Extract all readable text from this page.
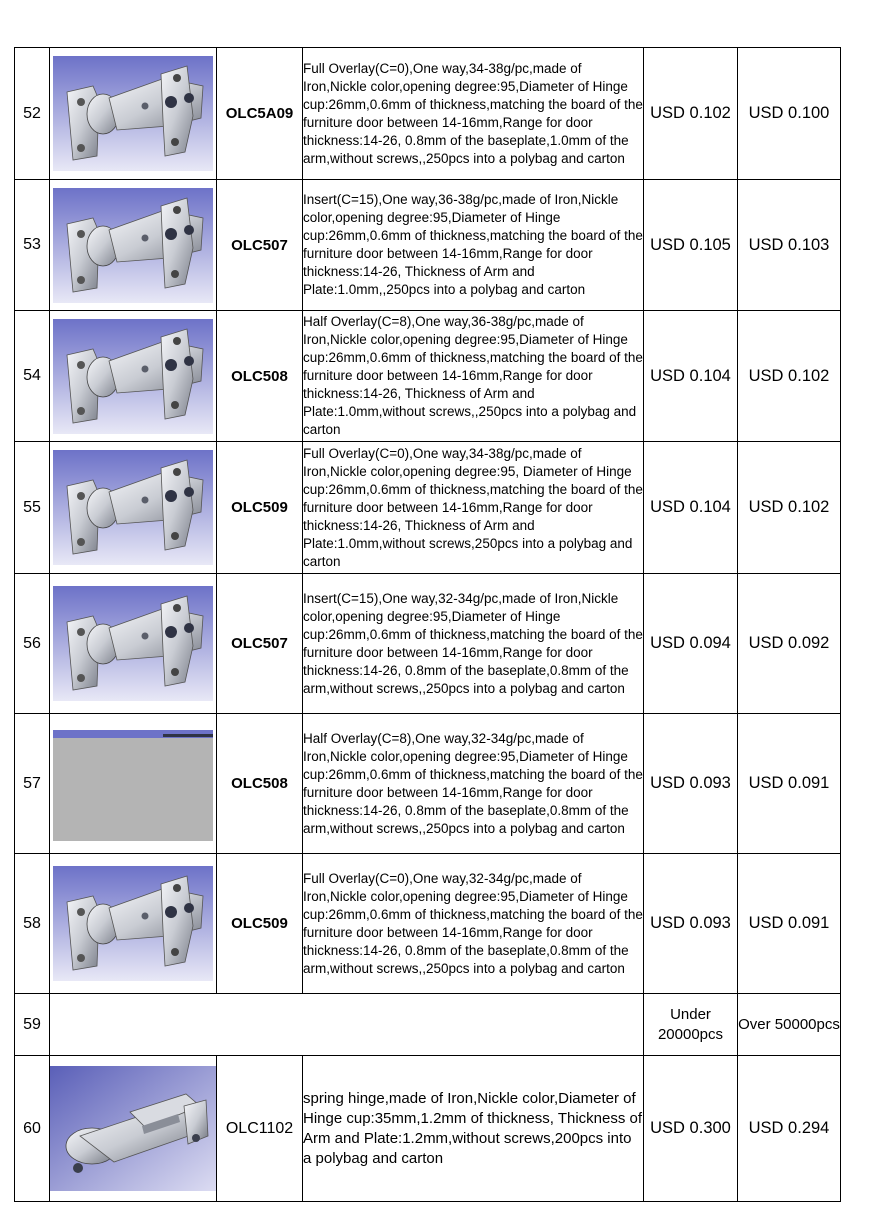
52		OLC5A09	Full Overlay(C=0),One way,34-38g/pc,made of Iron,Nickle color,opening degree:95,Diameter of Hinge cup:26mm,0.6mm of thickness,matching the board of the furniture door between 14-16mm,Range for door thickness:14-26, 0.8mm of the baseplate,1.0mm of the arm,without screws,,250pcs into a polybag and carton	USD 0.102	USD 0.100
53		OLC507	Insert(C=15),One way,36-38g/pc,made of Iron,Nickle color,opening degree:95,Diameter of Hinge cup:26mm,0.6mm of thickness,matching the board of the furniture door between 14-16mm,Range for door thickness:14-26, Thickness of Arm and Plate:1.0mm,,250pcs into a polybag and carton	USD 0.105	USD 0.103
54		OLC508	Half Overlay(C=8),One way,36-38g/pc,made of Iron,Nickle color,opening degree:95,Diameter of Hinge cup:26mm,0.6mm of thickness,matching the board of the furniture door between 14-16mm,Range for door thickness:14-26, Thickness of Arm and Plate:1.0mm,without screws,,250pcs into a polybag and carton	USD 0.104	USD 0.102
55		OLC509	Full Overlay(C=0),One way,34-38g/pc,made of Iron,Nickle color,opening degree:95, Diameter of Hinge cup:26mm,0.6mm of thickness,matching the board of the furniture door between 14-16mm,Range for door thickness:14-26, Thickness of Arm and Plate:1.0mm,without screws,250pcs into a polybag and carton	USD 0.104	USD 0.102
56		OLC507	Insert(C=15),One way,32-34g/pc,made of Iron,Nickle color,opening degree:95,Diameter of Hinge cup:26mm,0.6mm of thickness,matching the board of the furniture door between 14-16mm,Range for door thickness:14-26, 0.8mm of the baseplate,0.8mm of the arm,without screws,,250pcs into a polybag and carton	USD 0.094	USD 0.092
57		OLC508	Half Overlay(C=8),One way,32-34g/pc,made of Iron,Nickle color,opening degree:95,Diameter of Hinge cup:26mm,0.6mm of thickness,matching the board of the furniture door between 14-16mm,Range for door thickness:14-26, 0.8mm of the baseplate,0.8mm of the arm,without screws,,250pcs into a polybag and carton	USD 0.093	USD 0.091
58		OLC509	Full Overlay(C=0),One way,32-34g/pc,made of Iron,Nickle color,opening degree:95,Diameter of Hinge cup:26mm,0.6mm of thickness,matching the board of the furniture door between 14-16mm,Range for door thickness:14-26, 0.8mm of the baseplate,0.8mm of the arm,without screws,,250pcs into a polybag and carton	USD 0.093	USD 0.091
59				Under 20000pcs	Over 50000pcs
60		OLC1102	spring hinge,made of Iron,Nickle color,Diameter of Hinge cup:35mm,1.2mm of thickness, Thickness of Arm and Plate:1.2mm,without screws,200pcs into a polybag and carton	USD 0.300	USD 0.294
